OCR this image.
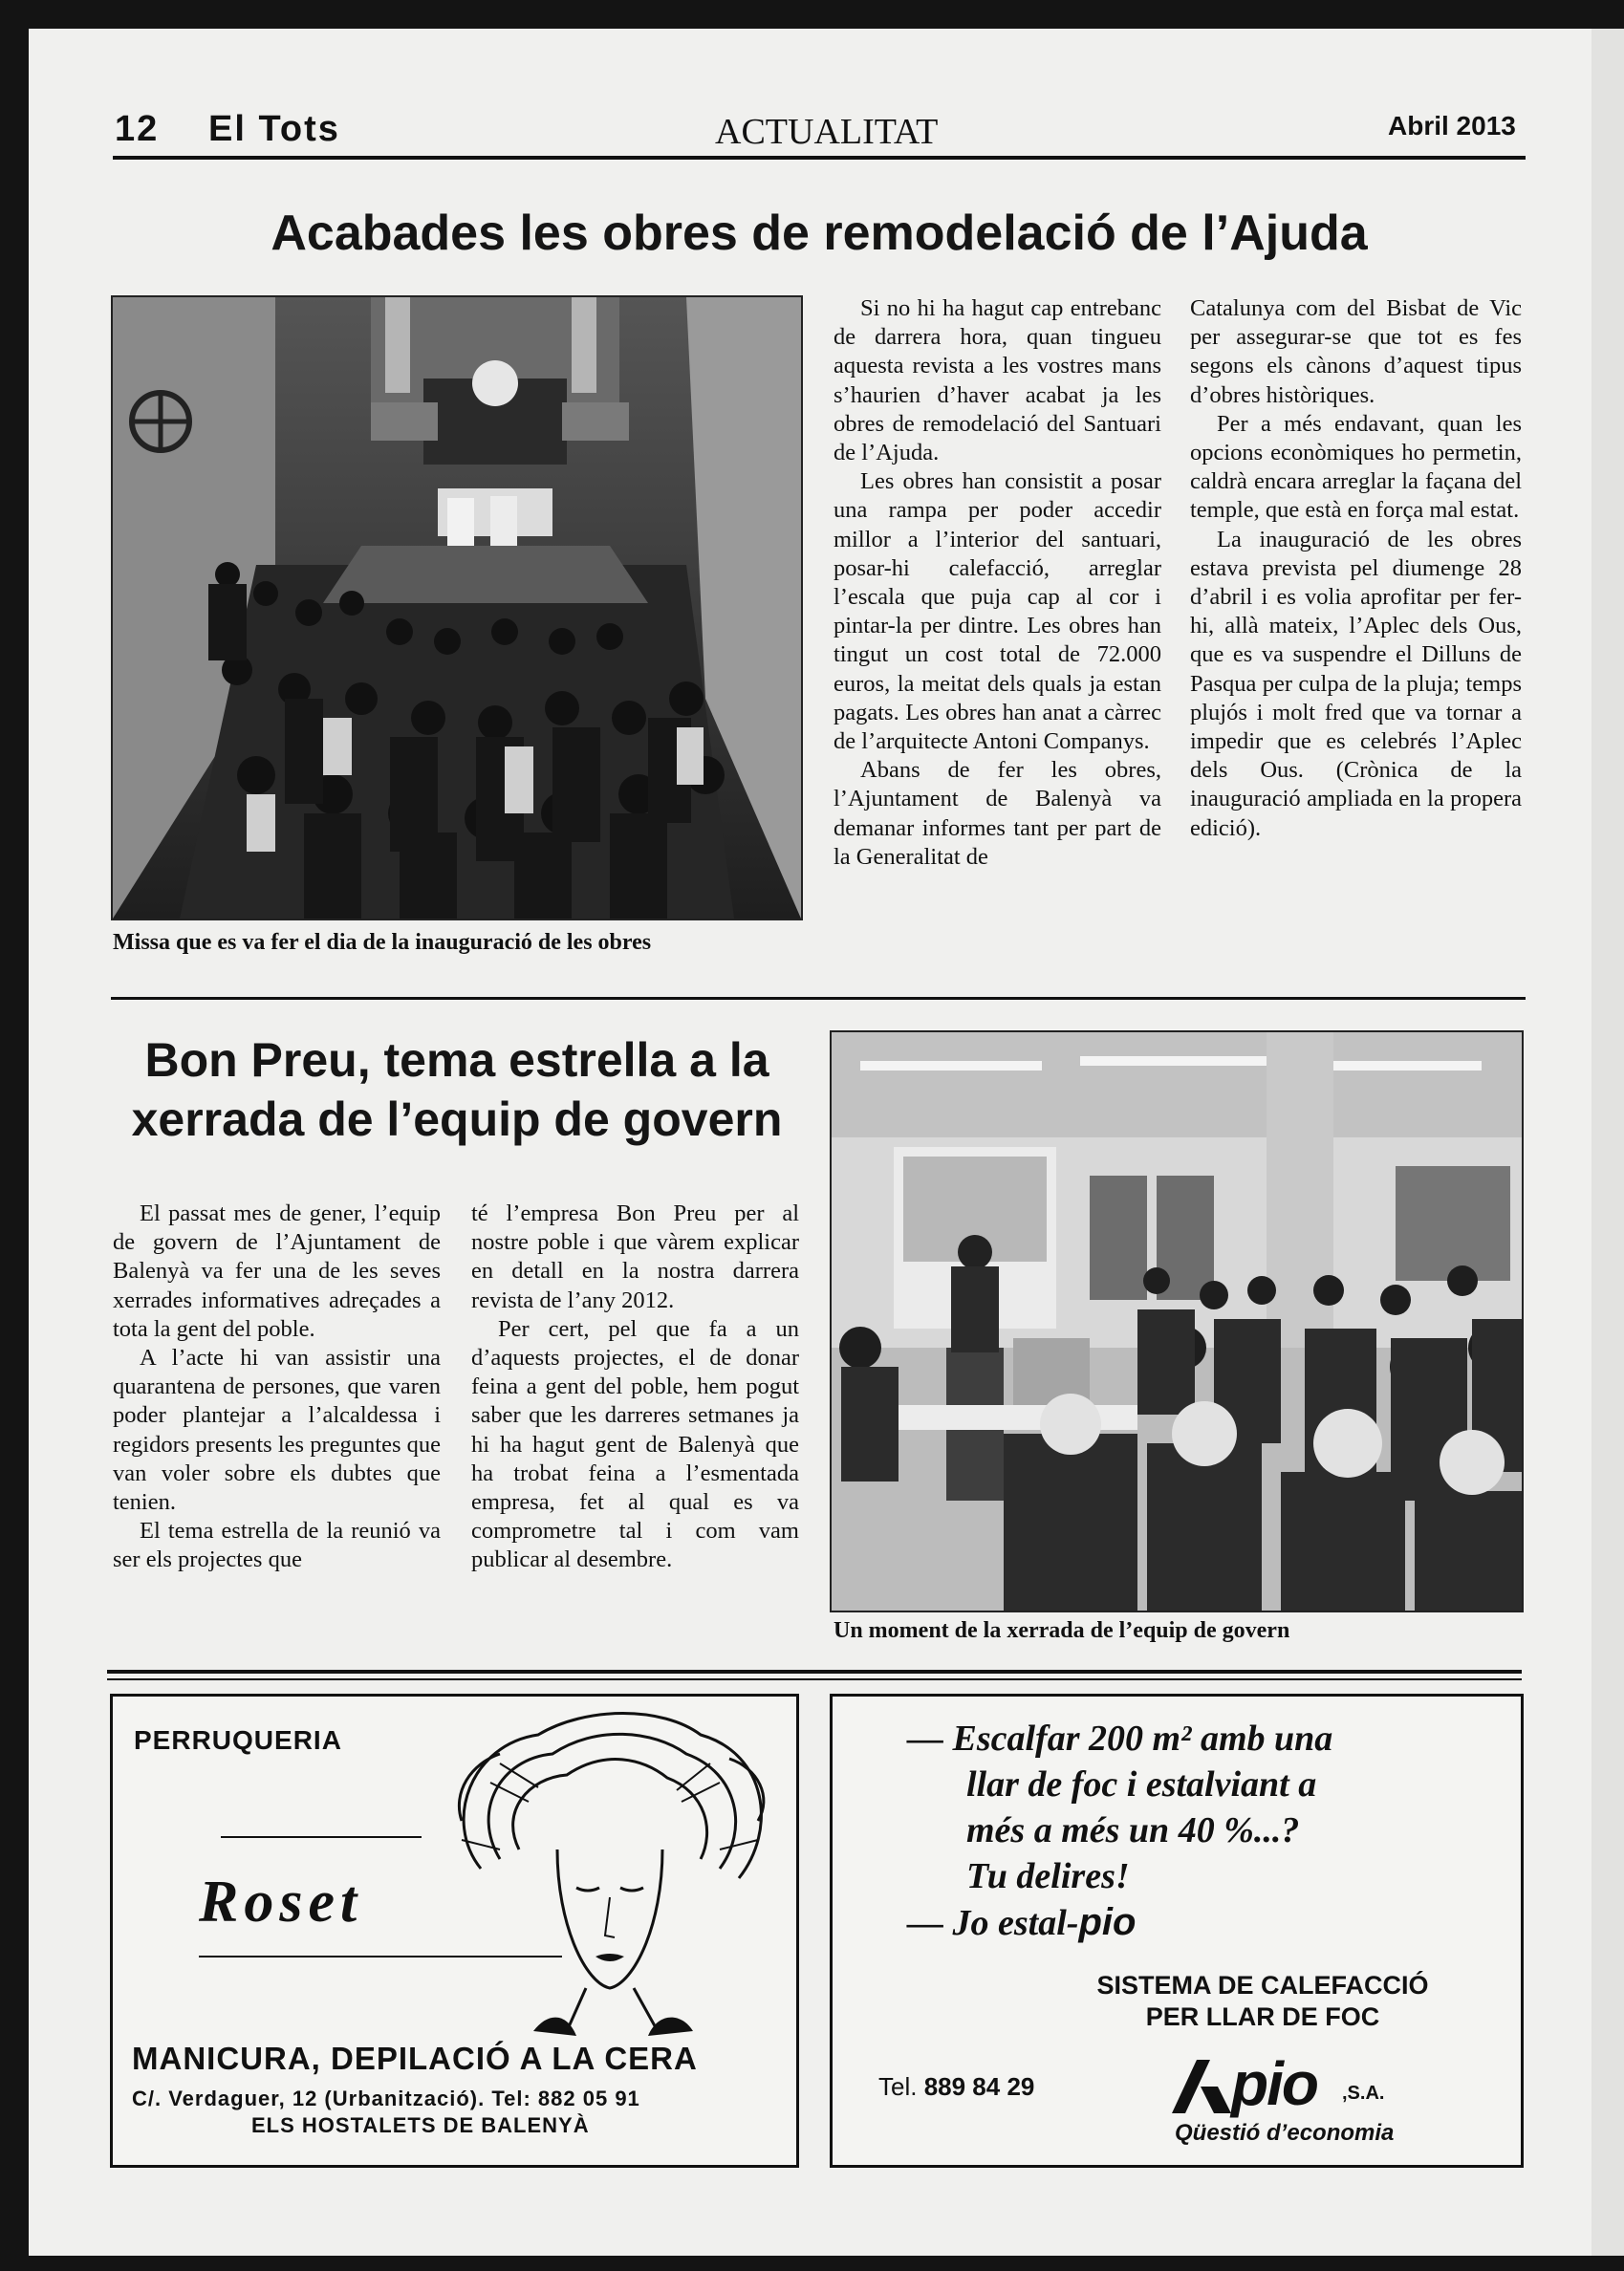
12 El Tots	ACTUALITAT	Abril 2013
Acabades les obres de remodelació de l’Ajuda
Missa que es va fer el dia de la inauguració de les obres

Si no hi ha hagut cap entrebanc de darrera hora, quan tingueu aquesta revista a les vostres mans s’haurien d’haver acabat ja les obres de remodelació del Santuari de l’Ajuda.

Les obres han consistit a posar una rampa per poder accedir millor a l’interior del santuari, posar-hi calefacció, arreglar l’escala que puja cap al cor i pintar-la per dintre. Les obres han tingut un cost total de 72.000 euros, la meitat dels quals ja estan pagats. Les obres han anat a càrrec de l’arquitecte Antoni Companys.

Abans de fer les obres, l’Ajuntament de Balenyà va demanar informes tant per part de la Generalitat de

Catalunya com del Bisbat de Vic per assegurar-se que tot es fes segons els cànons d’aquest tipus d’obres històriques.

Per a més endavant, quan les opcions econòmiques ho permetin, caldrà encara arreglar la façana del temple, que està en força mal estat.

La inauguració de les obres estava prevista pel diumenge 28 d’abril i es volia aprofitar per fer-hi, allà mateix, l’Aplec dels Ous, que es va suspendre el Dilluns de Pasqua per culpa de la pluja; temps plujós i molt fred que va tornar a impedir que es celebrés l’Aplec dels Ous. (Crònica de la inauguració ampliada en la propera edició).

Bon Preu, tema estrella a la
xerrada de l’equip de govern

El passat mes de gener, l’equip de govern de l’Ajuntament de Balenyà va fer una de les seves xerrades informatives adreçades a tota la gent del poble.

A l’acte hi van assistir una quarantena de persones, que varen poder plantejar a l’alcaldessa i regidors presents les preguntes que van voler sobre els dubtes que tenien.

El tema estrella de la reunió va ser els projectes que

té l’empresa Bon Preu per al nostre poble i que vàrem explicar en detall en la nostra darrera revista de l’any 2012.

Per cert, pel que fa a un d’aquests projectes, el de donar feina a gent del poble, hem pogut saber que les darreres setmanes ja hi ha hagut gent de Balenyà que ha trobat feina a l’esmentada empresa, fet al qual es va comprometre tal i com vam publicar al desembre.

Un moment de la xerrada de l’equip de govern
PERRUQUERIA
Roset
MANICURA, DEPILACIÓ A LA CERA
C/. Verdaguer, 12 (Urbanització). Tel: 882 05 91
ELS HOSTALETS DE BALENYÀ
— Escalfar 200 m² amb una
llar de foc i estalviant a
més a més un 40 %...?
Tu delires!
— Jo estal-pio
SISTEMA DE CALEFACCIÓ
PER LLAR DE FOC
Tel. 889 84 29	pio ,S.A.
Qüestió d’economia
